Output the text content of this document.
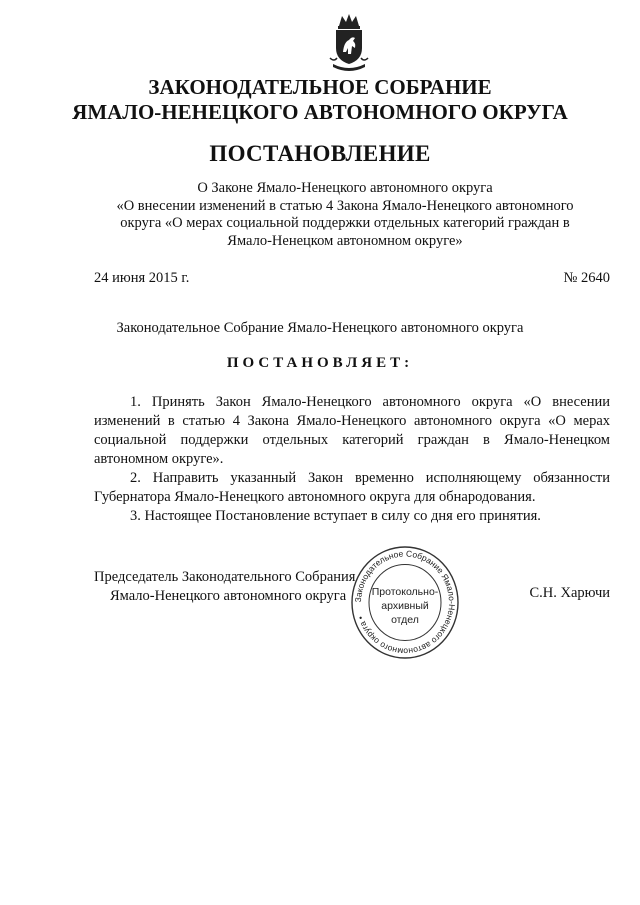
ЗАКОНОДАТЕЛЬНОЕ СОБРАНИЕ
ЯМАЛО-НЕНЕЦКОГО АВТОНОМНОГО ОКРУГА
ПОСТАНОВЛЕНИЕ
О Законе Ямало-Ненецкого автономного округа
«О внесении изменений в статью 4 Закона Ямало-Ненецкого автономного
округа «О мерах социальной поддержки отдельных категорий граждан в
Ямало-Ненецком автономном округе»
24 июня 2015 г.	№ 2640
Законодательное Собрание Ямало-Ненецкого автономного округа
ПОСТАНОВЛЯЕТ:

1. Принять Закон Ямало-Ненецкого автономного округа «О внесении изменений в статью 4 Закона Ямало-Ненецкого автономного округа «О мерах социальной поддержки отдельных категорий граждан в Ямало-Ненецком автономном округе».

2. Направить указанный Закон временно исполняющему обязанности Губернатора Ямало-Ненецкого автономного округа для обнародования.

3. Настоящее Постановление вступает в силу со дня его принятия.

Председатель Законодательного Собрания
Ямало-Ненецкого автономного округа Законодательное Собрание Ямало-Ненецкого автономного округа •
Протокольно-
архивный
отдел
С.Н. Харючи
